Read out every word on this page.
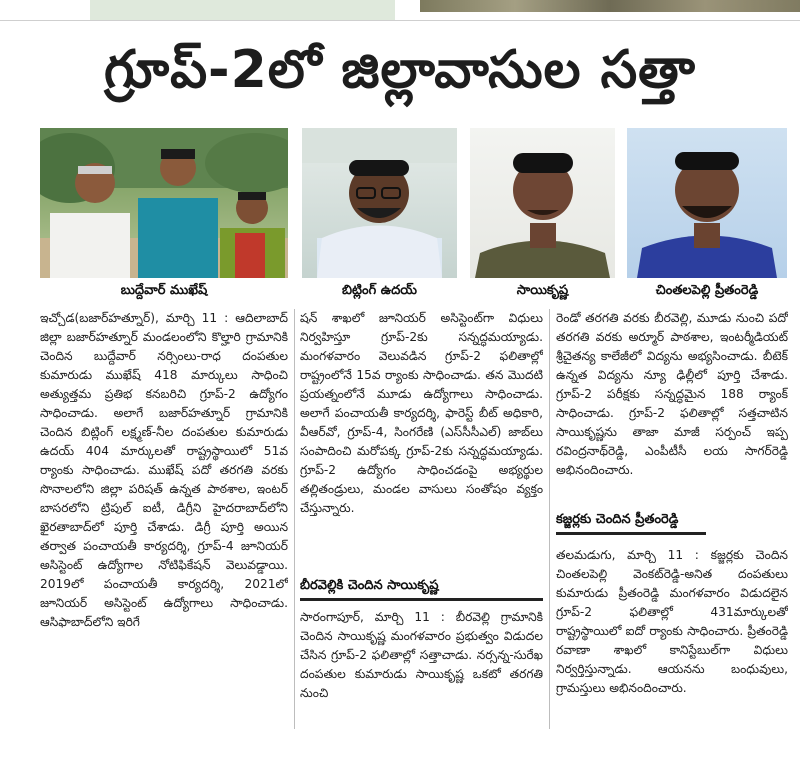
గ్రూప్-2లో జిల్లావాసుల సత్తా
బుద్దేవార్ ముఖేష్	బిట్లింగ్ ఉదయ్	సాయికృష్ణ	చింతలపెల్లి ప్రీతంరెడ్డి

ఇచ్చోడ(బజార్‌హత్నూర్), మార్చి 11 : ఆదిలాబాద్ జిల్లా బజార్‌హత్నూర్ మండలంలోని కొల్హారి గ్రామానికి చెందిన బుద్దేవార్ నర్సింలు-రాధ దంపతుల కుమారుడు ముఖేష్ 418 మార్కులు సాధించి అత్యుత్తమ ప్రతిభ కనబరిచి గ్రూప్-2 ఉద్యోగం సాధించాడు. అలాగే బజార్‌హత్నూర్ గ్రామానికి చెందిన బిట్లింగ్ లక్ష్మణ్-నీల దంపతుల కుమారుడు ఉదయ్ 404 మార్కులతో రాష్ట్రస్థాయిలో 51వ ర్యాంకు సాధించాడు. ముఖేష్ పదో తరగతి వరకు సొనాలలోని జిల్లా పరిషత్ ఉన్నత పాఠశాల, ఇంటర్ బాసరలోని ట్రిపుల్ ఐటీ, డిగ్రీని హైదరాబాద్‌లోని ఖైరతాబాద్‌లో పూర్తి చేశాడు. డిగ్రీ పూర్తి అయిన తర్వాత పంచాయతీ కార్యదర్శి, గ్రూప్-4 జూనియర్ అసిస్టెంట్ ఉద్యోగాల నోటిఫికేషన్ వెలువడ్డాయి. 2019లో పంచాయతీ కార్యదర్శి, 2021లో జూనియర్ అసిస్టెంట్ ఉద్యోగాలు సాధించాడు. ఆసిఫాబాద్‌లోని ఇరిగే

షన్ శాఖలో జూనియర్ అసిస్టెంట్‌గా విధులు నిర్వహిస్తూ గ్రూప్-2కు సన్నద్ధమయ్యాడు. మంగళవారం వెలువడిన గ్రూప్-2 ఫలితాల్లో రాష్ట్రంలోనే 15వ ర్యాంకు సాధించాడు. తన మొదటి ప్రయత్నంలోనే మూడు ఉద్యోగాలు సాధించాడు. అలాగే పంచాయతీ కార్యదర్శి, ఫారెస్ట్ బీట్ అధికారి, వీఆర్‌వో, గ్రూప్-4, సింగరేణి (ఎస్‌సీసీఎల్) జాబ్‌లు సంపాదించి మరోపక్క గ్రూప్-2కు సన్నద్ధమయ్యాడు. గ్రూప్-2 ఉద్యోగం సాధించడంపై అభ్యర్థుల తల్లితండ్రులు, మండల వాసులు సంతోషం వ్యక్తం చేస్తున్నారు.

బీరవెల్లికి చెందిన సాయికృష్ణ

సారంగాపూర్, మార్చి 11 : బీరవెల్లి గ్రామానికి చెందిన సాయికృష్ణ మంగళవారం ప్రభుత్వం విడుదల చేసిన గ్రూప్-2 ఫలితాల్లో సత్తాచాడు. నర్సన్న-సురేఖ దంపతుల కుమారుడు సాయికృష్ణ ఒకటో తరగతి నుంచి

రెండో తరగతి వరకు బీరవెల్లి, మూడు నుంచి పదో తరగతి వరకు అర్మూర్ పాఠశాల, ఇంటర్మీడియట్ శ్రీచైతన్య కాలేజీలో విద్యను అభ్యసించాడు. బీటెక్ ఉన్నత విద్యను న్యూ ఢిల్లీలో పూర్తి చేశాడు. గ్రూప్-2 పరీక్షకు సన్నద్ధమైన 188 ర్యాంక్ సాధించాడు. గ్రూప్-2 ఫలితాల్లో సత్తచాటిన సాయికృష్ణను తాజా మాజీ సర్పంచ్ ఇప్ప రవింద్రనాథ్‌రెడ్డి, ఎంపీటీసీ లయ సాగర్‌రెడ్డి అభినందించారు.

కజ్జర్లకు చెందిన ప్రీతంరెడ్డి

తలమడుగు, మార్చి 11 : కజ్జర్లకు చెందిన చింతలపెల్లి వెంకట్‌రెడ్డి-అనిత దంపతులు కుమారుడు ప్రీతంరెడ్డి మంగళవారం విడుదలైన గ్రూప్-2 ఫలితాల్లో 431మార్కులతో రాష్ట్రస్థాయిలో ఐదో ర్యాంకు సాధించారు. ప్రీతంరెడ్డి రవాణా శాఖలో కానిస్టేబుల్‌గా విధులు నిర్వర్తిస్తున్నాడు. ఆయనను బంధువులు, గ్రామస్తులు అభినందించారు.
